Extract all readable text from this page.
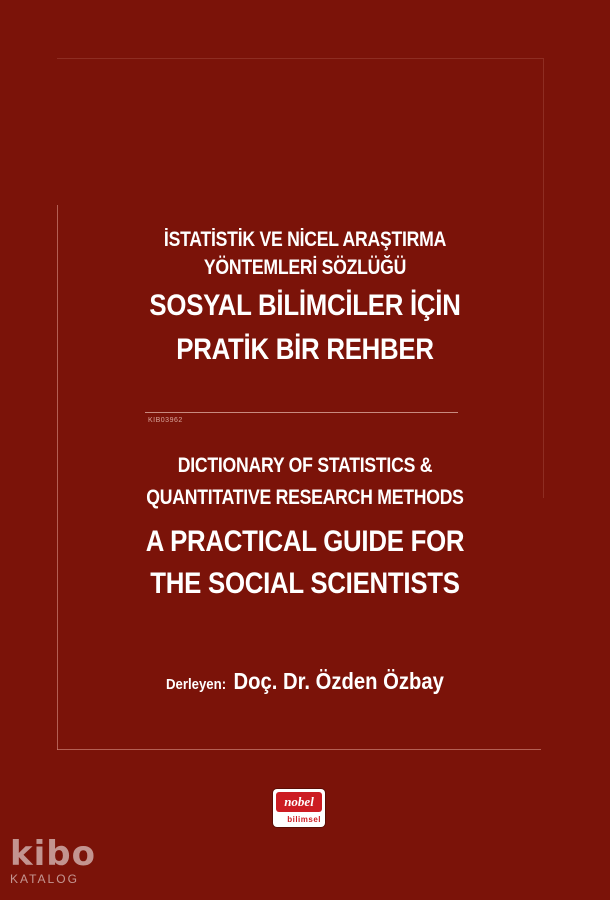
İSTATİSTİK VE NİCEL ARAŞTIRMA
YÖNTEMLERİ SÖZLÜĞÜ
SOSYAL BİLİMCİLER İÇİN
PRATİK BİR REHBER
KIB03962
DICTIONARY OF STATISTICS &
QUANTITATIVE RESEARCH METHODS
A PRACTICAL GUIDE FOR
THE SOCIAL SCIENTISTS
Derleyen: Doç. Dr. Özden Özbay
nobel
bilimsel
kibo
KATALOG
